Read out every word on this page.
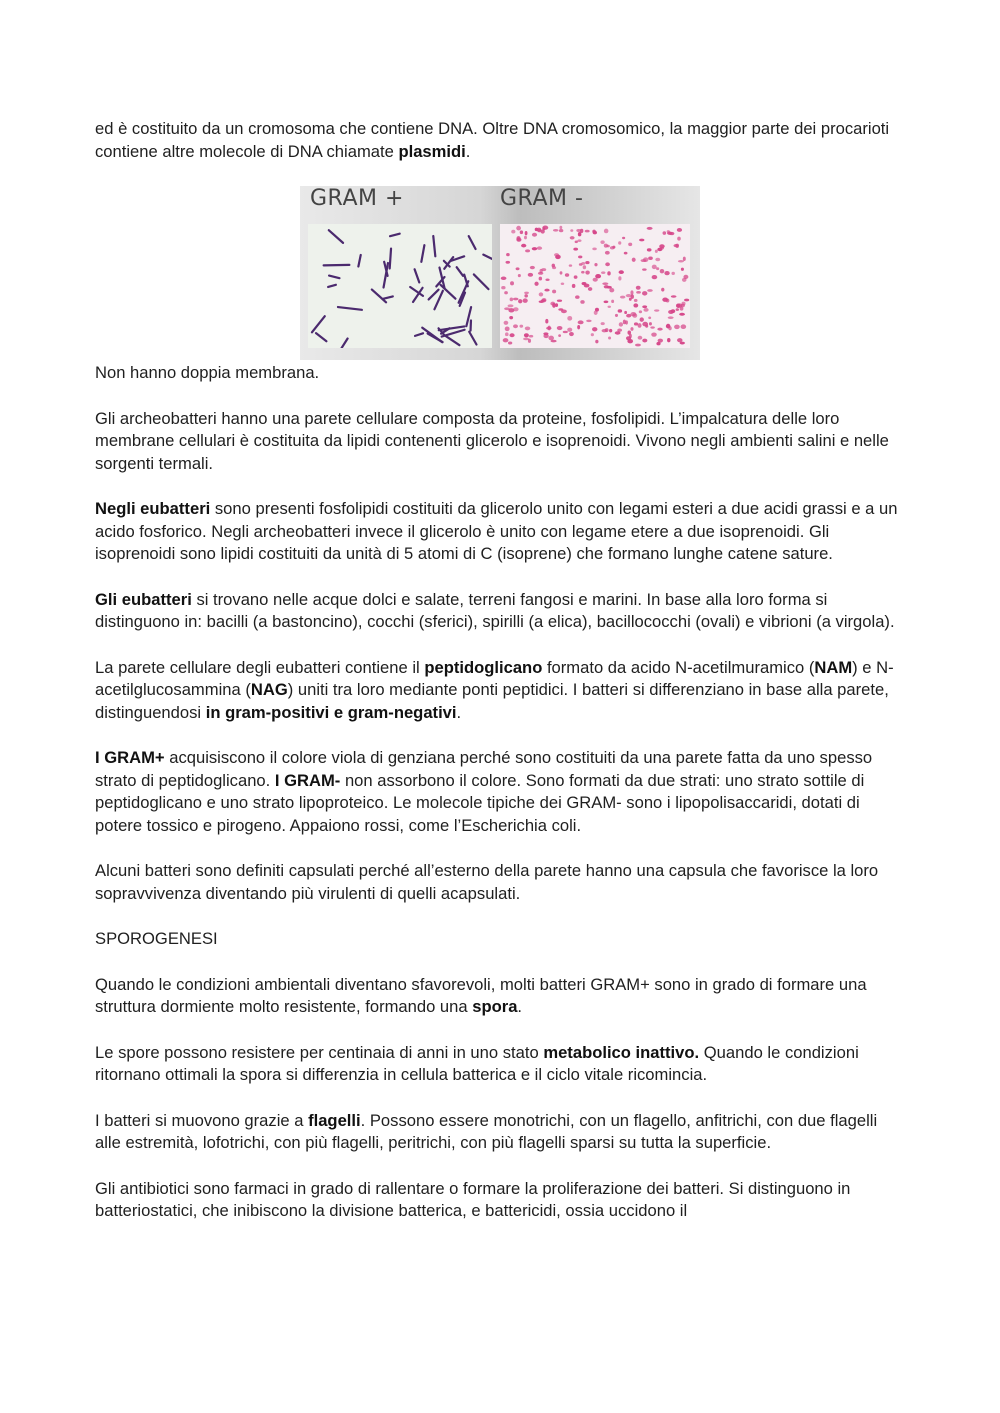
ed è costituito da un cromosoma che contiene DNA. Oltre DNA cromosomico, la maggior parte dei procarioti contiene altre molecole di DNA chiamate plasmidi.

GRAM +	GRAM -

Non hanno doppia membrana.

Gli archeobatteri hanno una parete cellulare composta da proteine, fosfolipidi. L’impalcatura delle loro membrane cellulari è costituita da lipidi contenenti glicerolo e isoprenoidi. Vivono negli ambienti salini e nelle sorgenti termali.

Negli eubatteri sono presenti fosfolipidi costituiti da glicerolo unito con legami esteri a due acidi grassi e a un acido fosforico. Negli archeobatteri invece il glicerolo è unito con legame etere a due isoprenoidi. Gli isoprenoidi sono lipidi costituiti da unità di 5 atomi di C (isoprene) che formano lunghe catene sature.

Gli eubatteri si trovano nelle acque dolci e salate, terreni fangosi e marini. In base alla loro forma si distinguono in: bacilli (a bastoncino), cocchi (sferici), spirilli (a elica), bacillococchi (ovali) e vibrioni (a virgola).

La parete cellulare degli eubatteri contiene il peptidoglicano formato da acido N-acetilmuramico (NAM) e N-acetilglucosammina (NAG) uniti tra loro mediante ponti peptidici. I batteri si differenziano in base alla parete, distinguendosi in gram-positivi e gram-negativi.

I GRAM+ acquisiscono il colore viola di genziana perché sono costituiti da una parete fatta da uno spesso strato di peptidoglicano. I GRAM- non assorbono il colore. Sono formati da due strati: uno strato sottile di peptidoglicano e uno strato lipoproteico. Le molecole tipiche dei GRAM- sono i lipopolisaccaridi, dotati di potere tossico e pirogeno. Appaiono rossi, come l’Escherichia coli.

Alcuni batteri sono definiti capsulati perché all’esterno della parete hanno una capsula che favorisce la loro sopravvivenza diventando più virulenti di quelli acapsulati.

SPOROGENESI

Quando le condizioni ambientali diventano sfavorevoli, molti batteri GRAM+ sono in grado di formare una struttura dormiente molto resistente, formando una spora.

Le spore possono resistere per centinaia di anni in uno stato metabolico inattivo. Quando le condizioni ritornano ottimali la spora si differenzia in cellula batterica e il ciclo vitale ricomincia.

I batteri si muovono grazie a flagelli. Possono essere monotrichi, con un flagello, anfitrichi, con due flagelli alle estremità, lofotrichi, con più flagelli, peritrichi, con più flagelli sparsi su tutta la superficie.

Gli antibiotici sono farmaci in grado di rallentare o formare la proliferazione dei batteri. Si distinguono in batteriostatici, che inibiscono la divisione batterica, e battericidi, ossia uccidono il
